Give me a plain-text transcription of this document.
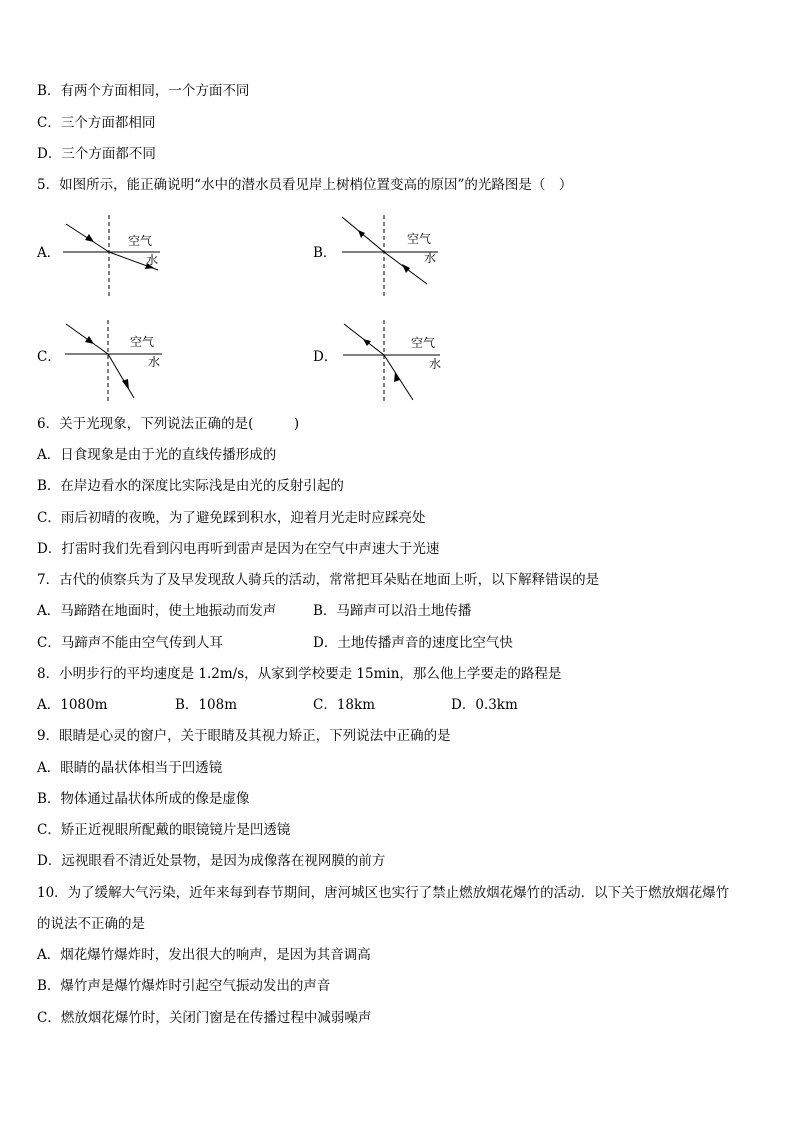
B．有两个方面相同，一个方面不同
C．三个方面都相同
D．三个方面都不同
5．如图所示，能正确说明“水中的潜水员看见岸上树梢位置变高的原因”的光路图是（　）
A．
空气
水	B．
空气
水
C．
空气
水	D．
空气
水
6．关于光现象，下列说法正确的是(　　　)
A．日食现象是由于光的直线传播形成的
B．在岸边看水的深度比实际浅是由光的反射引起的
C．雨后初晴的夜晚，为了避免踩到积水，迎着月光走时应踩亮处
D．打雷时我们先看到闪电再听到雷声是因为在空气中声速大于光速
7．古代的侦察兵为了及早发现敌人骑兵的活动，常常把耳朵贴在地面上听，以下解释错误的是
A．马蹄踏在地面时，使土地振动而发声	B．马蹄声可以沿土地传播
C．马蹄声不能由空气传到人耳	D．土地传播声音的速度比空气快
8．小明步行的平均速度是 1.2m/s，从家到学校要走 15min，那么他上学要走的路程是
A．1080m	B．108m	C．18km	D．0.3km
9．眼睛是心灵的窗户，关于眼睛及其视力矫正，下列说法中正确的是
A．眼睛的晶状体相当于凹透镜
B．物体通过晶状体所成的像是虚像
C．矫正近视眼所配戴的眼镜镜片是凹透镜
D．远视眼看不清近处景物，是因为成像落在视网膜的前方
10．为了缓解大气污染，近年来每到春节期间，唐河城区也实行了禁止燃放烟花爆竹的活动．以下关于燃放烟花爆竹
的说法不正确的是
A．烟花爆竹爆炸时，发出很大的响声，是因为其音调高
B．爆竹声是爆竹爆炸时引起空气振动发出的声音
C．燃放烟花爆竹时，关闭门窗是在传播过程中减弱噪声
